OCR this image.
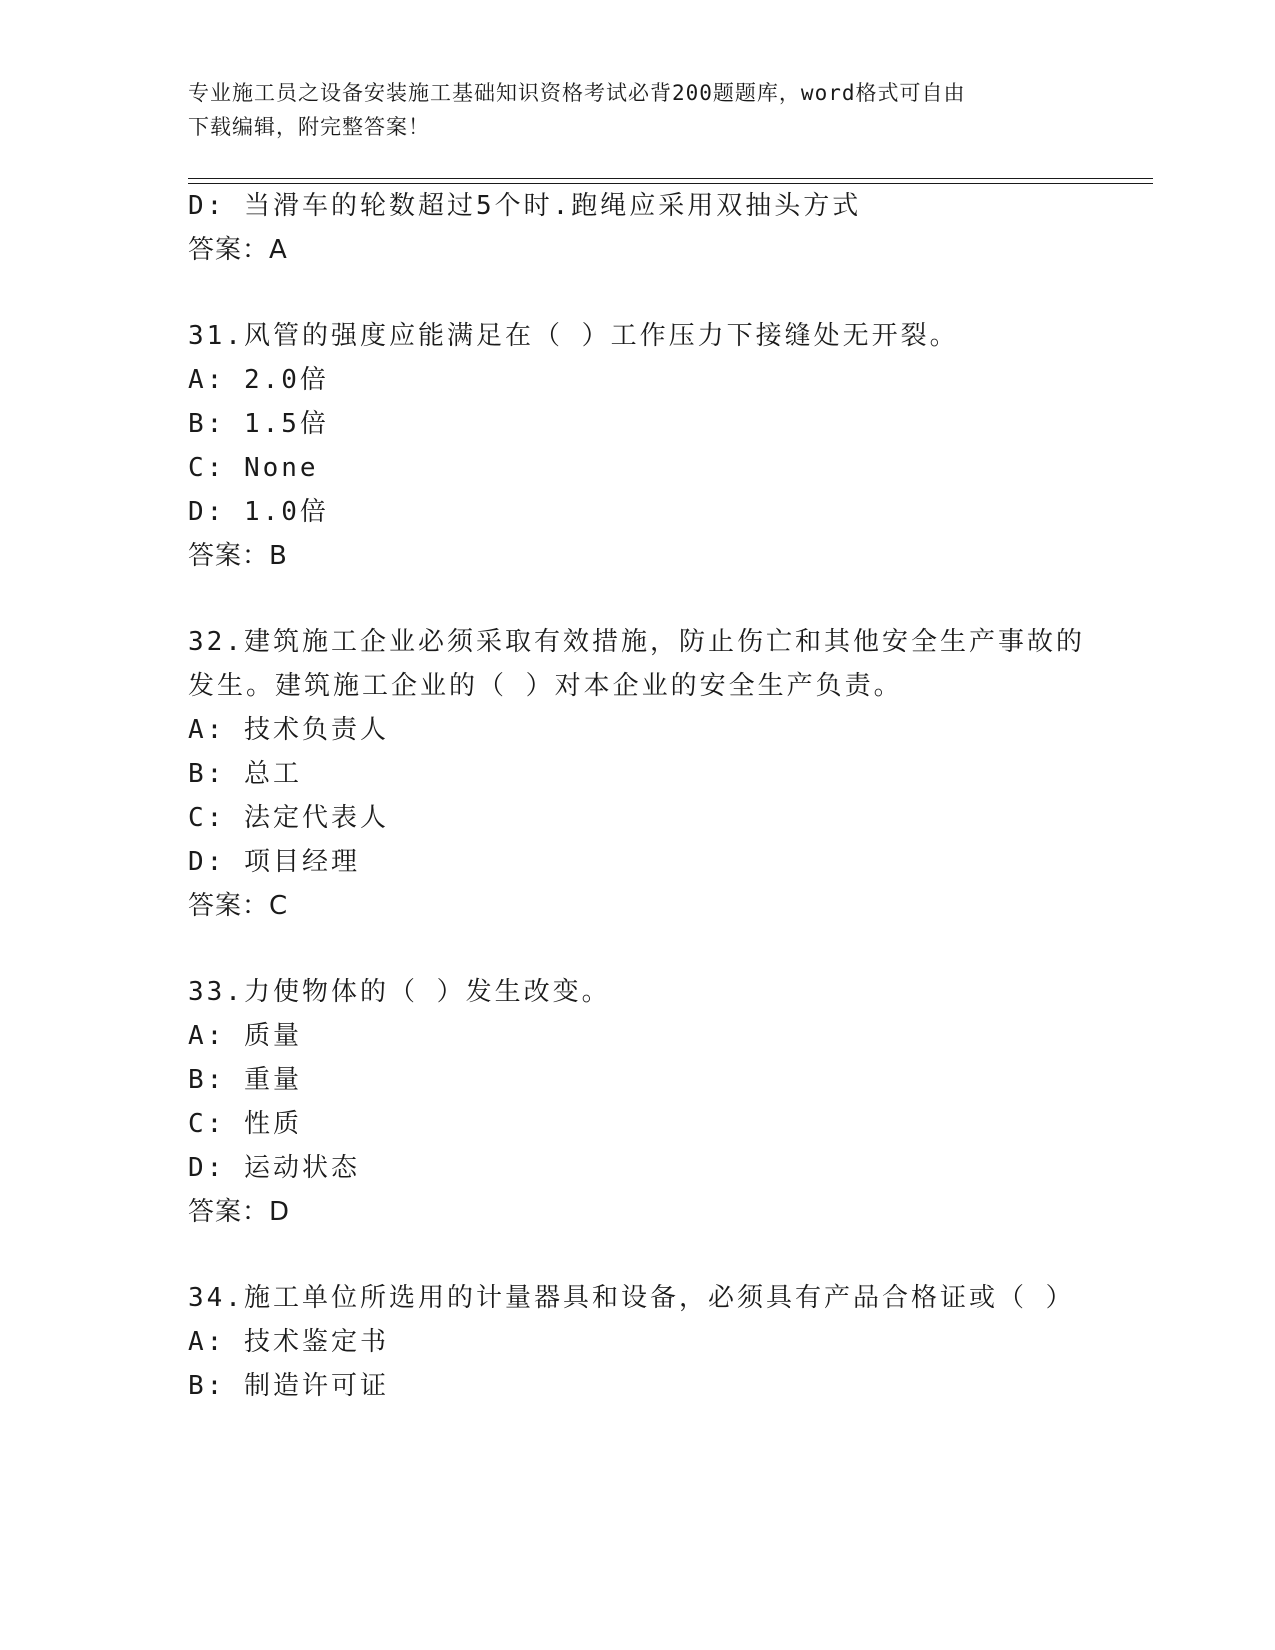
专业施工员之设备安装施工基础知识资格考试必背200题题库，word格式可自由
下载编辑，附完整答案！
D: 当滑车的轮数超过5个时.跑绳应采用双抽头方式
答案：A
31.风管的强度应能满足在（ ）工作压力下接缝处无开裂。
A: 2.0倍
B: 1.5倍
C: None
D: 1.0倍
答案：B
32.建筑施工企业必须采取有效措施，防止伤亡和其他安全生产事故的
发生。建筑施工企业的（ ）对本企业的安全生产负责。
A: 技术负责人
B: 总工
C: 法定代表人
D: 项目经理
答案：C
33.力使物体的（ ）发生改变。
A: 质量
B: 重量
C: 性质
D: 运动状态
答案：D
34.施工单位所选用的计量器具和设备，必须具有产品合格证或（ ）
A: 技术鉴定书
B: 制造许可证
